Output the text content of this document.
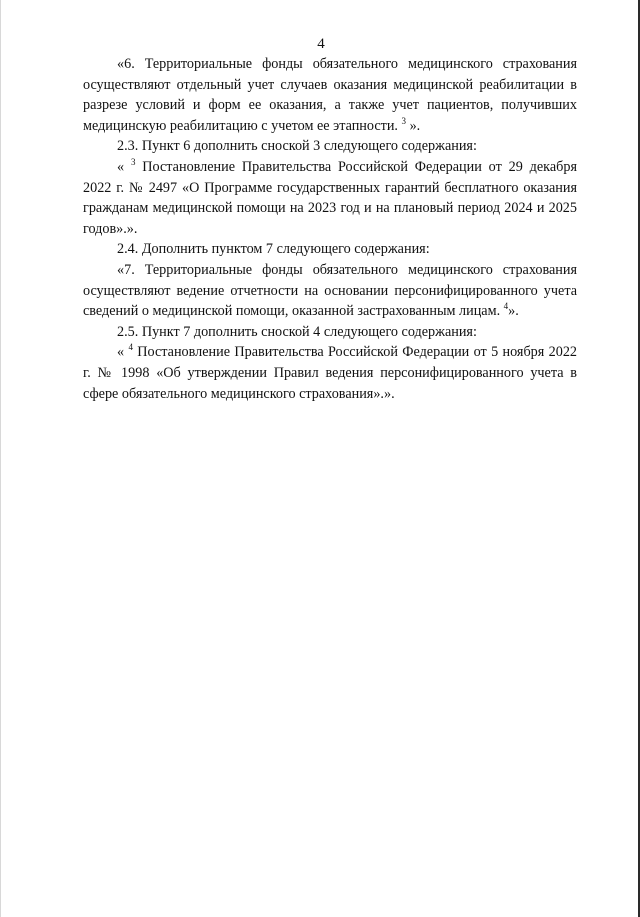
4

«6. Территориальные фонды обязательного медицинского страхования осуществляют отдельный учет случаев оказания медицинской реабилитации в разрезе условий и форм ее оказания, а также учет пациентов, получивших медицинскую реабилитацию с учетом ее этапности. $^3$ ».

2.3. Пункт 6 дополнить сноской 3 следующего содержания:

« $^3$ Постановление Правительства Российской Федерации от 29 декабря 2022 г. № 2497 «О Программе государственных гарантий бесплатного оказания гражданам медицинской помощи на 2023 год и на плановый период 2024 и 2025 годов».».

2.4. Дополнить пунктом 7 следующего содержания:

«7. Территориальные фонды обязательного медицинского страхования осуществляют ведение отчетности на основании персонифицированного учета сведений о медицинской помощи, оказанной застрахованным лицам. $^4$».

2.5. Пункт 7 дополнить сноской 4 следующего содержания:

« $^4$ Постановление Правительства Российской Федерации от 5 ноября 2022 г. № 1998 «Об утверждении Правил ведения персонифицированного учета в сфере обязательного медицинского страхования».».
